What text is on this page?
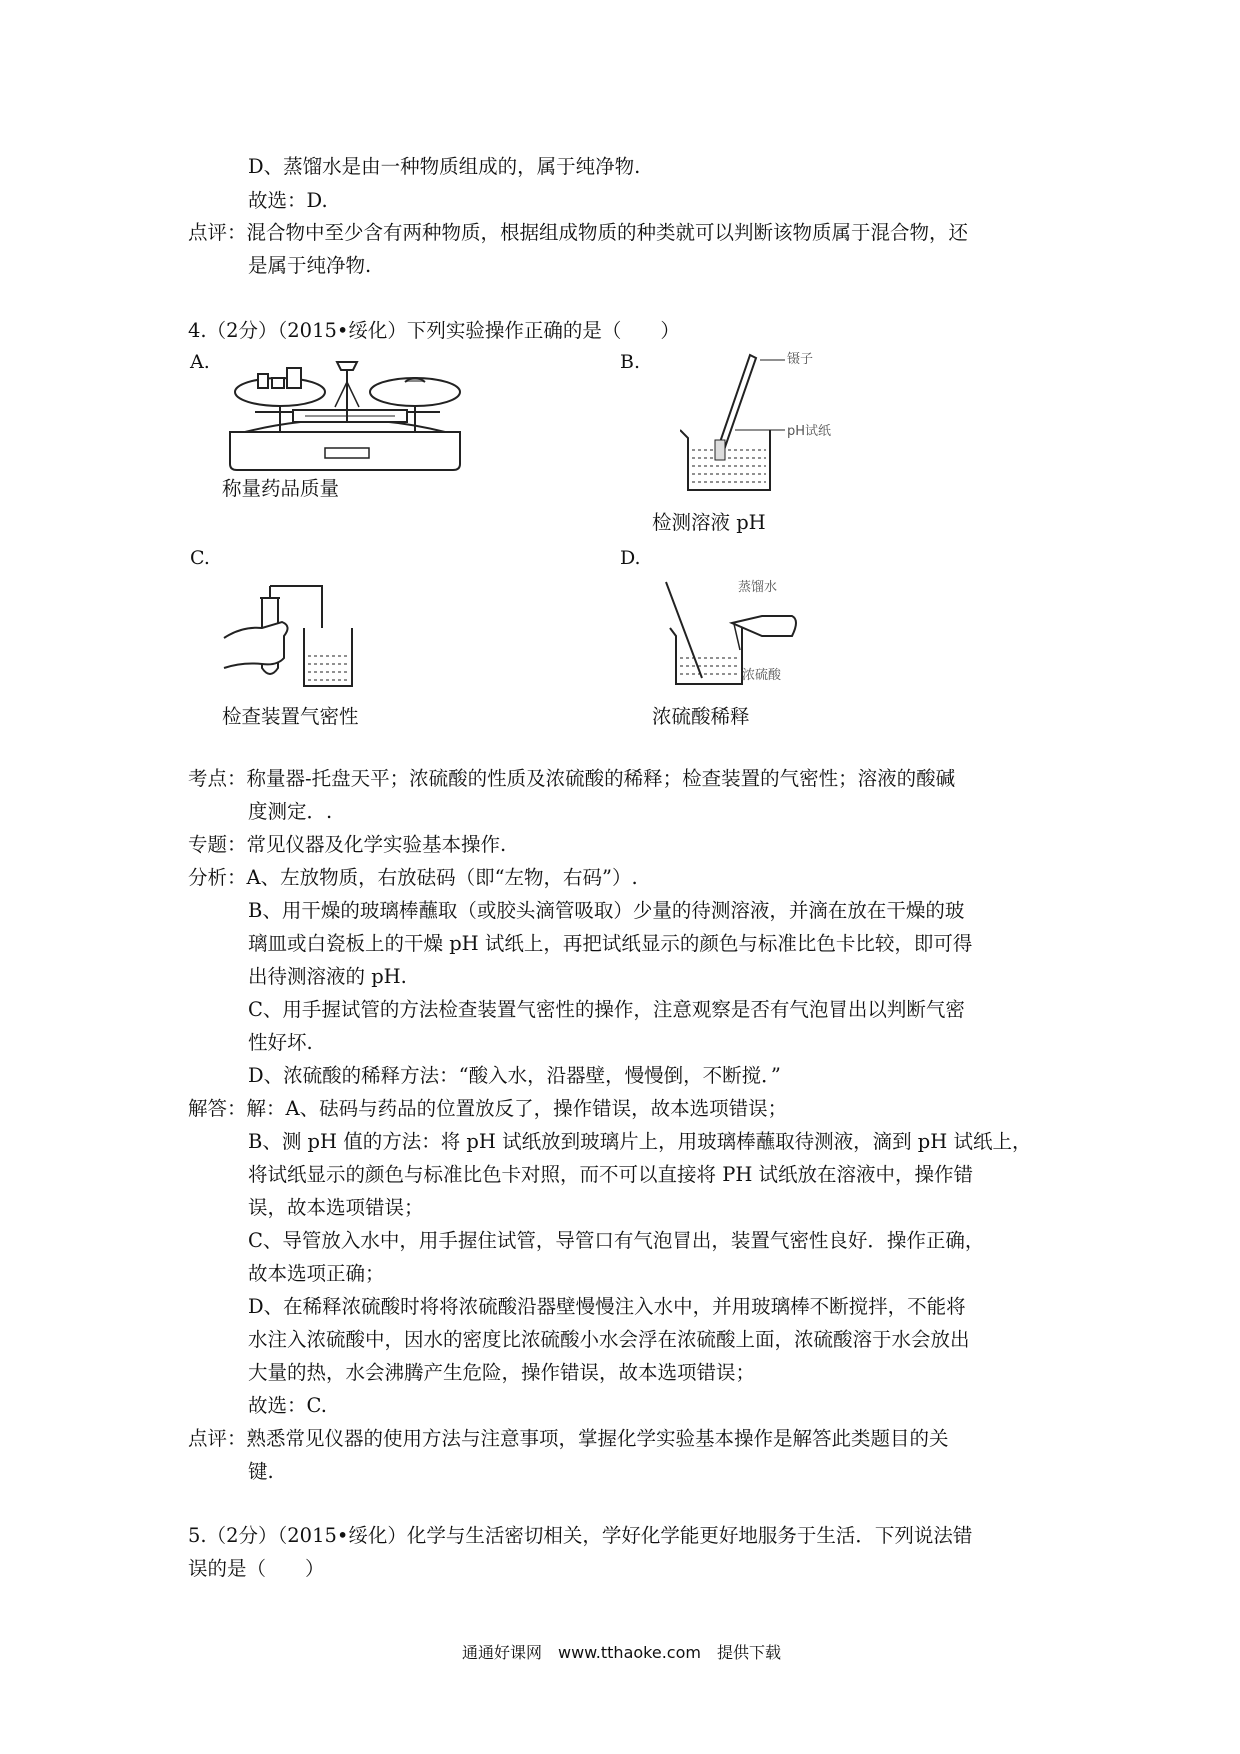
D、蒸馏水是由一种物质组成的，属于纯净物.
故选：D.
点评：混合物中至少含有两种物质，根据组成物质的种类就可以判断该物质属于混合物，还
是属于纯净物.
4.（2分）（2015•绥化）下列实验操作正确的是（　　）
A.	B.
C.	D.
称量药品质量
镊子
pH试纸
检测溶液 pH
检查装置气密性
蒸馏水
浓硫酸
浓硫酸稀释
考点：称量器-托盘天平；浓硫酸的性质及浓硫酸的稀释；检查装置的气密性；溶液的酸碱
度测定．.
专题：常见仪器及化学实验基本操作.
分析：A、左放物质，右放砝码（即“左物，右码”）.
B、用干燥的玻璃棒蘸取（或胶头滴管吸取）少量的待测溶液，并滴在放在干燥的玻
璃皿或白瓷板上的干燥 pH 试纸上，再把试纸显示的颜色与标准比色卡比较，即可得
出待测溶液的 pH.
C、用手握试管的方法检查装置气密性的操作，注意观察是否有气泡冒出以判断气密
性好坏.
D、浓硫酸的稀释方法：“酸入水，沿器壁，慢慢倒，不断搅．”
解答：解：A、砝码与药品的位置放反了，操作错误，故本选项错误；
B、测 pH 值的方法：将 pH 试纸放到玻璃片上，用玻璃棒蘸取待测液，滴到 pH 试纸上，
将试纸显示的颜色与标准比色卡对照，而不可以直接将 PH 试纸放在溶液中，操作错
误，故本选项错误；
C、导管放入水中，用手握住试管，导管口有气泡冒出，装置气密性良好．操作正确，
故本选项正确；
D、在稀释浓硫酸时将将浓硫酸沿器壁慢慢注入水中，并用玻璃棒不断搅拌，不能将
水注入浓硫酸中，因水的密度比浓硫酸小水会浮在浓硫酸上面，浓硫酸溶于水会放出
大量的热，水会沸腾产生危险，操作错误，故本选项错误；
故选：C.
点评：熟悉常见仪器的使用方法与注意事项，掌握化学实验基本操作是解答此类题目的关
键.
5.（2分）（2015•绥化）化学与生活密切相关，学好化学能更好地服务于生活．下列说法错
误的是（　　）
通通好课网　www.tthaoke.com　提供下载
